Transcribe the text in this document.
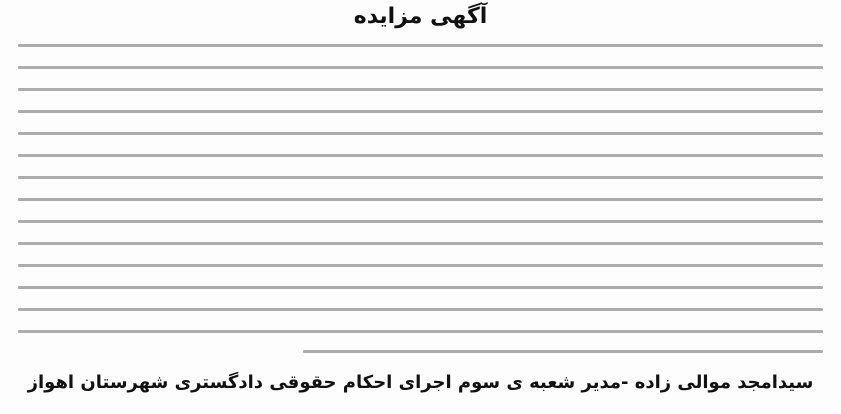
آگهی مزایده
سیدامجد موالی زاده -مدیر شعبه ی سوم اجرای احکام حقوقی دادگستری شهرستان اهواز
